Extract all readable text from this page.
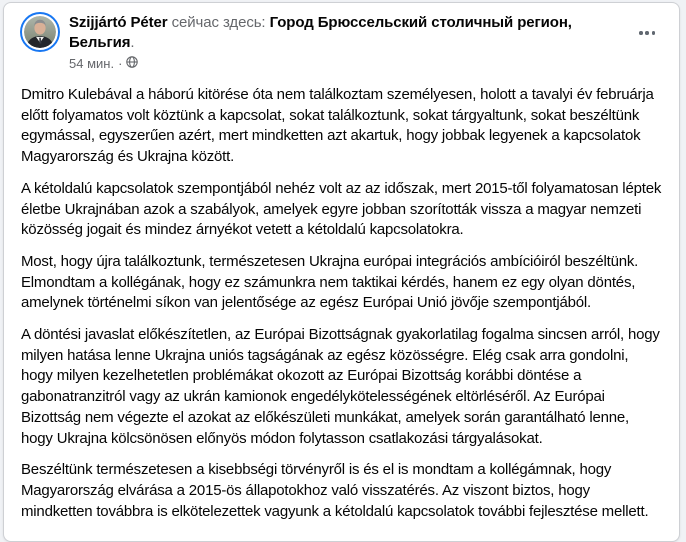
Szijjártó Péter сейчас здесь: Город Брюссельский столичный регион, Бельгия.
54 мин. ·

Dmitro Kulebával a háború kitörése óta nem találkoztam személyesen, holott a tavalyi év februárja előtt folyamatos volt köztünk a kapcsolat, sokat találkoztunk, sokat tárgyaltunk, sokat beszéltünk egymással, egyszerűen azért, mert mindketten azt akartuk, hogy jobbak legyenek a kapcsolatok Magyarország és Ukrajna között.

A kétoldalú kapcsolatok szempontjából nehéz volt az az időszak, mert 2015-től folyamatosan léptek életbe Ukrajnában azok a szabályok, amelyek egyre jobban szorították vissza a magyar nemzeti közösség jogait és mindez árnyékot vetett a kétoldalú kapcsolatokra.

Most, hogy újra találkoztunk, természetesen Ukrajna európai integrációs ambícióiról beszéltünk. Elmondtam a kollégának, hogy ez számunkra nem taktikai kérdés, hanem ez egy olyan döntés, amelynek történelmi síkon van jelentősége az egész Európai Unió jövője szempontjából.

A döntési javaslat előkészítetlen, az Európai Bizottságnak gyakorlatilag fogalma sincsen arról, hogy milyen hatása lenne Ukrajna uniós tagságának az egész közösségre. Elég csak arra gondolni, hogy milyen kezelhetetlen problémákat okozott az Európai Bizottság korábbi döntése a gabonatranzitról vagy az ukrán kamionok engedélykötelességének eltörléséről. Az Európai Bizottság nem végezte el azokat az előkészületi munkákat, amelyek során garantálható lenne, hogy Ukrajna kölcsönösen előnyös módon folytasson csatlakozási tárgyalásokat.

Beszéltünk természetesen a kisebbségi törvényről is és el is mondtam a kollégámnak, hogy Magyarország elvárása a 2015-ös állapotokhoz való visszatérés. Az viszont biztos, hogy mindketten továbbra is elkötelezettek vagyunk a kétoldalú kapcsolatok további fejlesztése mellett.
